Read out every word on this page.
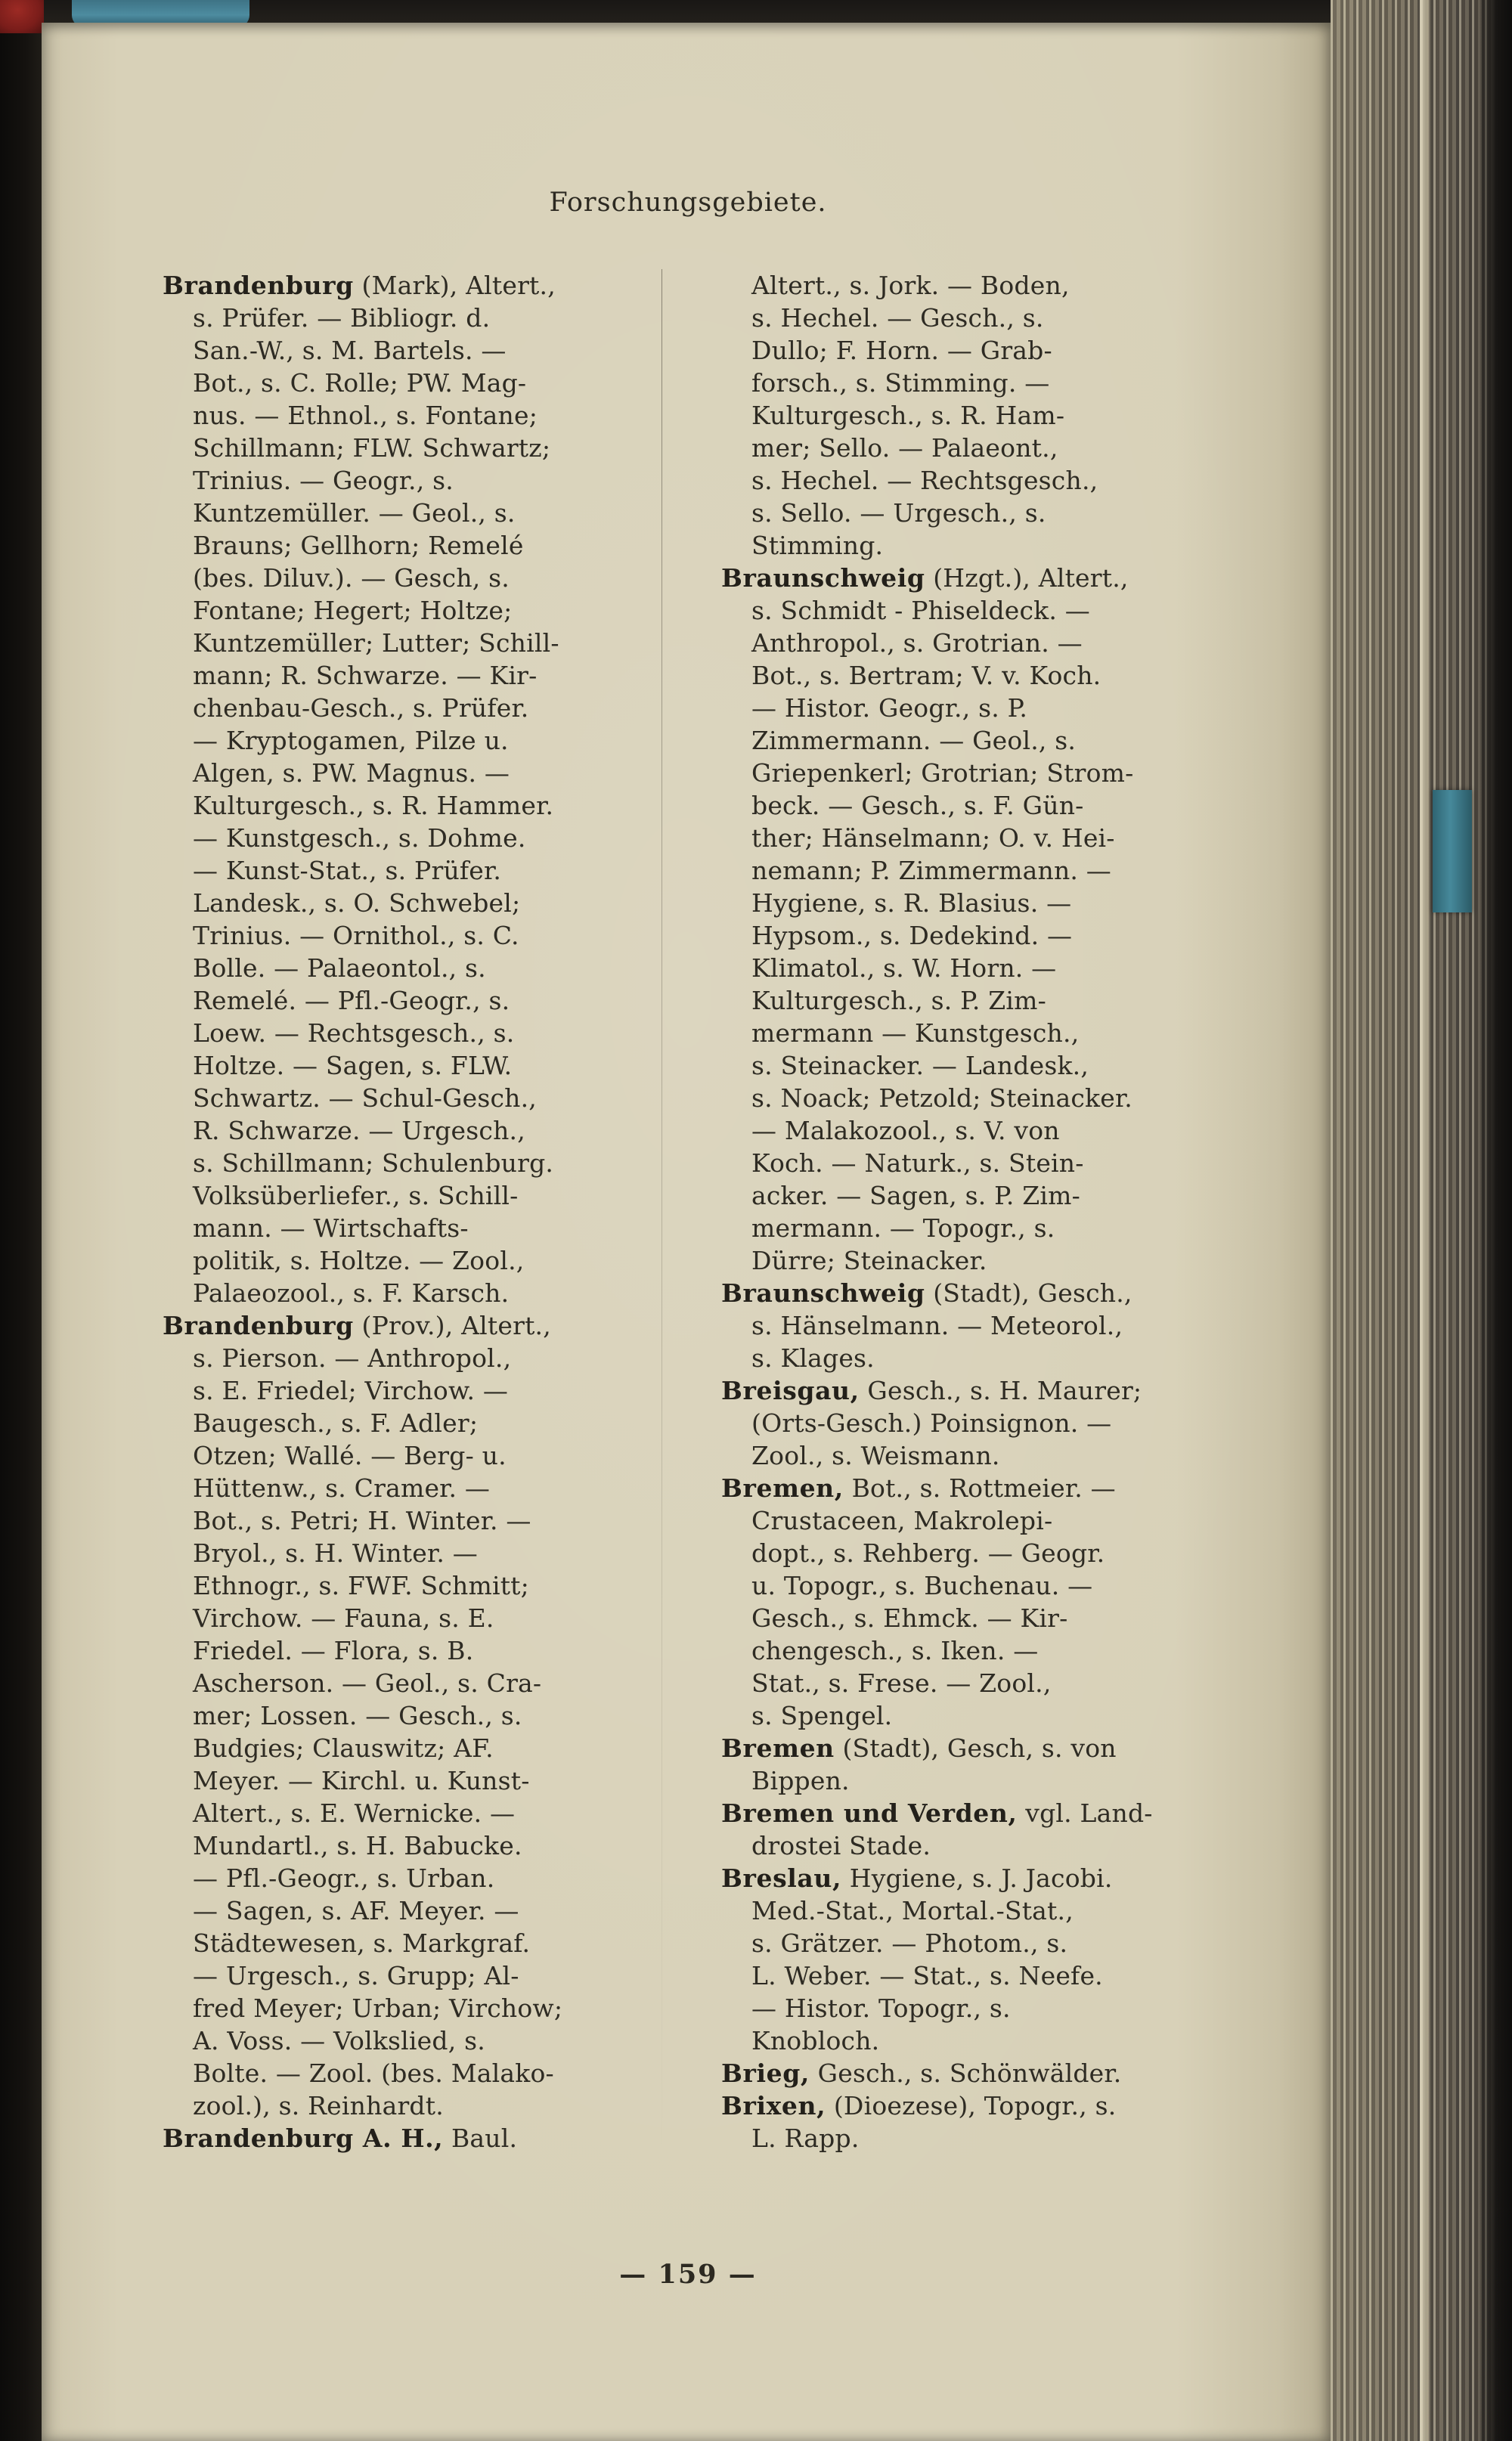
Forschungsgebiete.
Brandenburg (Mark), Altert.,
s. Prüfer. — Bibliogr. d.
San.-W., s. M. Bartels. —
Bot., s. C. Rolle; PW. Mag-
nus. — Ethnol., s. Fontane;
Schillmann; FLW. Schwartz;
Trinius. — Geogr., s.
Kuntzemüller. — Geol., s.
Brauns; Gellhorn; Remelé
(bes. Diluv.). — Gesch, s.
Fontane; Hegert; Holtze;
Kuntzemüller; Lutter; Schill-
mann; R. Schwarze. — Kir-
chenbau-Gesch., s. Prüfer.
— Kryptogamen, Pilze u.
Algen, s. PW. Magnus. —
Kulturgesch., s. R. Hammer.
— Kunstgesch., s. Dohme.
— Kunst-Stat., s. Prüfer.
Landesk., s. O. Schwebel;
Trinius. — Ornithol., s. C.
Bolle. — Palaeontol., s.
Remelé. — Pfl.-Geogr., s.
Loew. — Rechtsgesch., s.
Holtze. — Sagen, s. FLW.
Schwartz. — Schul-Gesch.,
R. Schwarze. — Urgesch.,
s. Schillmann; Schulenburg.
Volksüberliefer., s. Schill-
mann. — Wirtschafts-
politik, s. Holtze. — Zool.,
Palaeozool., s. F. Karsch.
Brandenburg (Prov.), Altert.,
s. Pierson. — Anthropol.,
s. E. Friedel; Virchow. —
Baugesch., s. F. Adler;
Otzen; Wallé. — Berg- u.
Hüttenw., s. Cramer. —
Bot., s. Petri; H. Winter. —
Bryol., s. H. Winter. —
Ethnogr., s. FWF. Schmitt;
Virchow. — Fauna, s. E.
Friedel. — Flora, s. B.
Ascherson. — Geol., s. Cra-
mer; Lossen. — Gesch., s.
Budgies; Clauswitz; AF.
Meyer. — Kirchl. u. Kunst-
Altert., s. E. Wernicke. —
Mundartl., s. H. Babucke.
— Pfl.-Geogr., s. Urban.
— Sagen, s. AF. Meyer. —
Städtewesen, s. Markgraf.
— Urgesch., s. Grupp; Al-
fred Meyer; Urban; Virchow;
A. Voss. — Volkslied, s.
Bolte. — Zool. (bes. Malako-
zool.), s. Reinhardt.
Brandenburg A. H., Baul.
Altert., s. Jork. — Boden,
s. Hechel. — Gesch., s.
Dullo; F. Horn. — Grab-
forsch., s. Stimming. —
Kulturgesch., s. R. Ham-
mer; Sello. — Palaeont.,
s. Hechel. — Rechtsgesch.,
s. Sello. — Urgesch., s.
Stimming.
Braunschweig (Hzgt.), Altert.,
s. Schmidt - Phiseldeck. —
Anthropol., s. Grotrian. —
Bot., s. Bertram; V. v. Koch.
— Histor. Geogr., s. P.
Zimmermann. — Geol., s.
Griepenkerl; Grotrian; Strom-
beck. — Gesch., s. F. Gün-
ther; Hänselmann; O. v. Hei-
nemann; P. Zimmermann. —
Hygiene, s. R. Blasius. —
Hypsom., s. Dedekind. —
Klimatol., s. W. Horn. —
Kulturgesch., s. P. Zim-
mermann — Kunstgesch.,
s. Steinacker. — Landesk.,
s. Noack; Petzold; Steinacker.
— Malakozool., s. V. von
Koch. — Naturk., s. Stein-
acker. — Sagen, s. P. Zim-
mermann. — Topogr., s.
Dürre; Steinacker.
Braunschweig (Stadt), Gesch.,
s. Hänselmann. — Meteorol.,
s. Klages.
Breisgau, Gesch., s. H. Maurer;
(Orts-Gesch.) Poinsignon. —
Zool., s. Weismann.
Bremen, Bot., s. Rottmeier. —
Crustaceen, Makrolepi-
dopt., s. Rehberg. — Geogr.
u. Topogr., s. Buchenau. —
Gesch., s. Ehmck. — Kir-
chengesch., s. Iken. —
Stat., s. Frese. — Zool.,
s. Spengel.
Bremen (Stadt), Gesch, s. von
Bippen.
Bremen und Verden, vgl. Land-
drostei Stade.
Breslau, Hygiene, s. J. Jacobi.
Med.-Stat., Mortal.-Stat.,
s. Grätzer. — Photom., s.
L. Weber. — Stat., s. Neefe.
— Histor. Topogr., s.
Knobloch.
Brieg, Gesch., s. Schönwälder.
Brixen, (Dioezese), Topogr., s.
L. Rapp.
— 159 —
